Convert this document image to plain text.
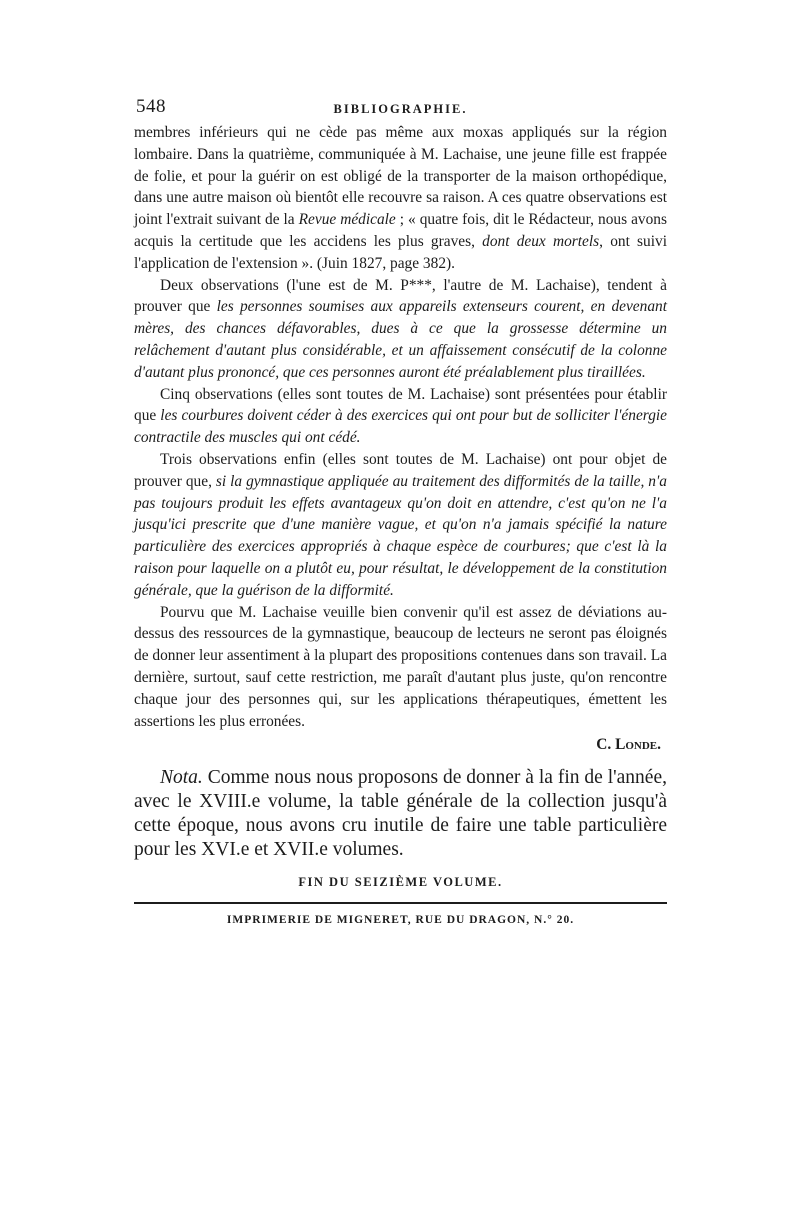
548	BIBLIOGRAPHIE.

membres inférieurs qui ne cède pas même aux moxas appliqués sur la région lombaire. Dans la quatrième, communiquée à M. Lachaise, une jeune fille est frappée de folie, et pour la guérir on est obligé de la transporter de la maison orthopédique, dans une autre maison où bientôt elle recouvre sa raison. A ces quatre observations est joint l'extrait suivant de la Revue médicale ; « quatre fois, dit le Rédacteur, nous avons acquis la certitude que les accidens les plus graves, dont deux mortels, ont suivi l'application de l'extension ». (Juin 1827, page 382).

Deux observations (l'une est de M. P***, l'autre de M. Lachaise), tendent à prouver que les personnes soumises aux appareils extenseurs courent, en devenant mères, des chances défavorables, dues à ce que la grossesse détermine un relâchement d'autant plus considérable, et un affaissement consécutif de la colonne d'autant plus prononcé, que ces personnes auront été préalablement plus tiraillées.

Cinq observations (elles sont toutes de M. Lachaise) sont présentées pour établir que les courbures doivent céder à des exercices qui ont pour but de solliciter l'énergie contractile des muscles qui ont cédé.

Trois observations enfin (elles sont toutes de M. Lachaise) ont pour objet de prouver que, si la gymnastique appliquée au traitement des difformités de la taille, n'a pas toujours produit les effets avantageux qu'on doit en attendre, c'est qu'on ne l'a jusqu'ici prescrite que d'une manière vague, et qu'on n'a jamais spécifié la nature particulière des exercices appropriés à chaque espèce de courbures; que c'est là la raison pour laquelle on a plutôt eu, pour résultat, le développement de la constitution générale, que la guérison de la difformité.

Pourvu que M. Lachaise veuille bien convenir qu'il est assez de déviations au-dessus des ressources de la gymnastique, beaucoup de lecteurs ne seront pas éloignés de donner leur assentiment à la plupart des propositions contenues dans son travail. La dernière, surtout, sauf cette restriction, me paraît d'autant plus juste, qu'on rencontre chaque jour des personnes qui, sur les applications thérapeutiques, émettent les assertions les plus erronées.

C. Londe.

Nota. Comme nous nous proposons de donner à la fin de l'année, avec le XVIII.e volume, la table générale de la collection jusqu'à cette époque, nous avons cru inutile de faire une table particulière pour les XVI.e et XVII.e volumes.

FIN DU SEIZIÈME VOLUME.
IMPRIMERIE DE MIGNERET, RUE DU DRAGON, N.° 20.
